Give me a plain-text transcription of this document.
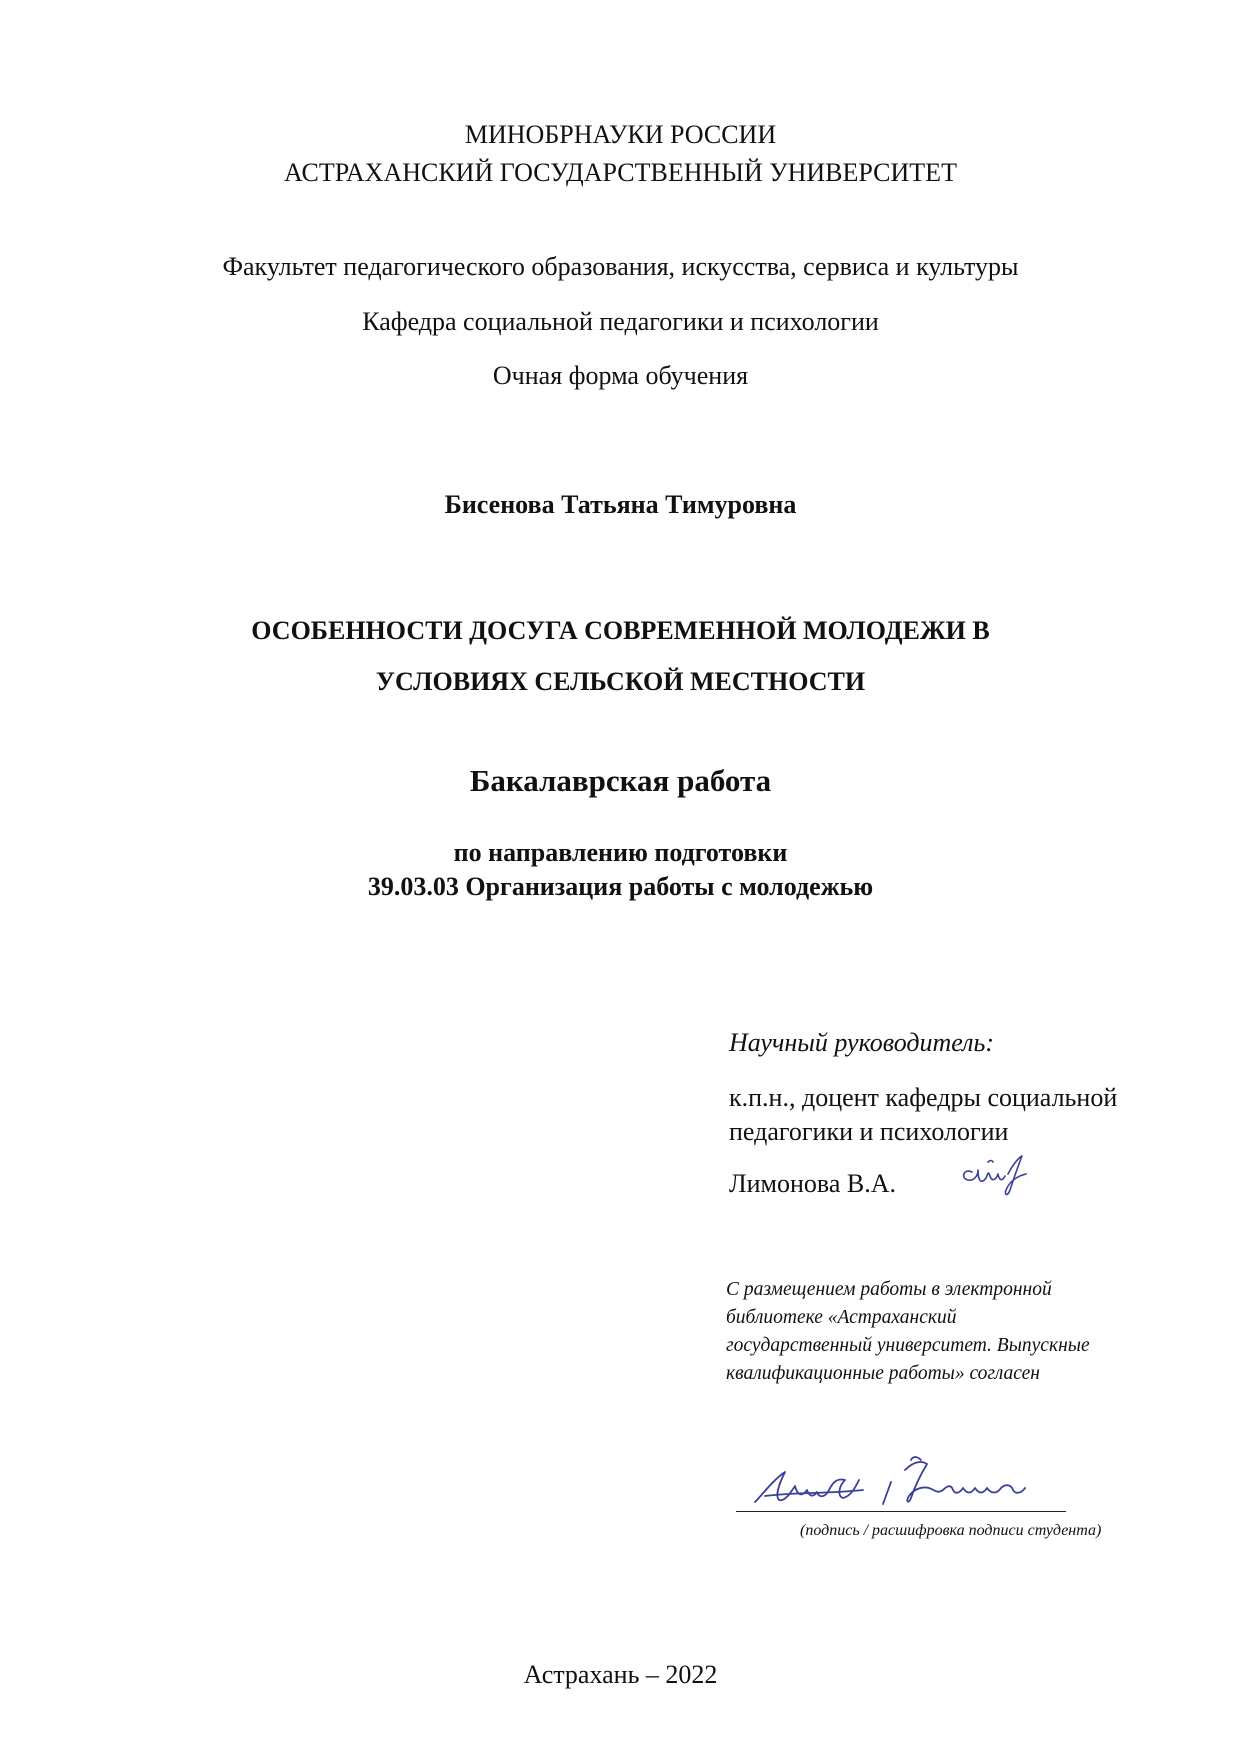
МИНОБРНАУКИ РОССИИ
АСТРАХАНСКИЙ ГОСУДАРСТВЕННЫЙ УНИВЕРСИТЕТ
Факультет педагогического образования, искусства, сервиса и культуры
Кафедра социальной педагогики и психологии
Очная форма обучения
Бисенова Татьяна Тимуровна
ОСОБЕННОСТИ ДОСУГА СОВРЕМЕННОЙ МОЛОДЕЖИ В
УСЛОВИЯХ СЕЛЬСКОЙ МЕСТНОСТИ
Бакалаврская работа
по направлению подготовки
39.03.03 Организация работы с молодежью
Научный руководитель:
к.п.н., доцент кафедры социальной
педагогики и психологии
Лимонова В.А.
С размещением работы в электронной
библиотеке «Астраханский
государственный университет. Выпускные
квалификационные работы» согласен
(подпись / расшифровка подписи студента)
Астрахань – 2022
